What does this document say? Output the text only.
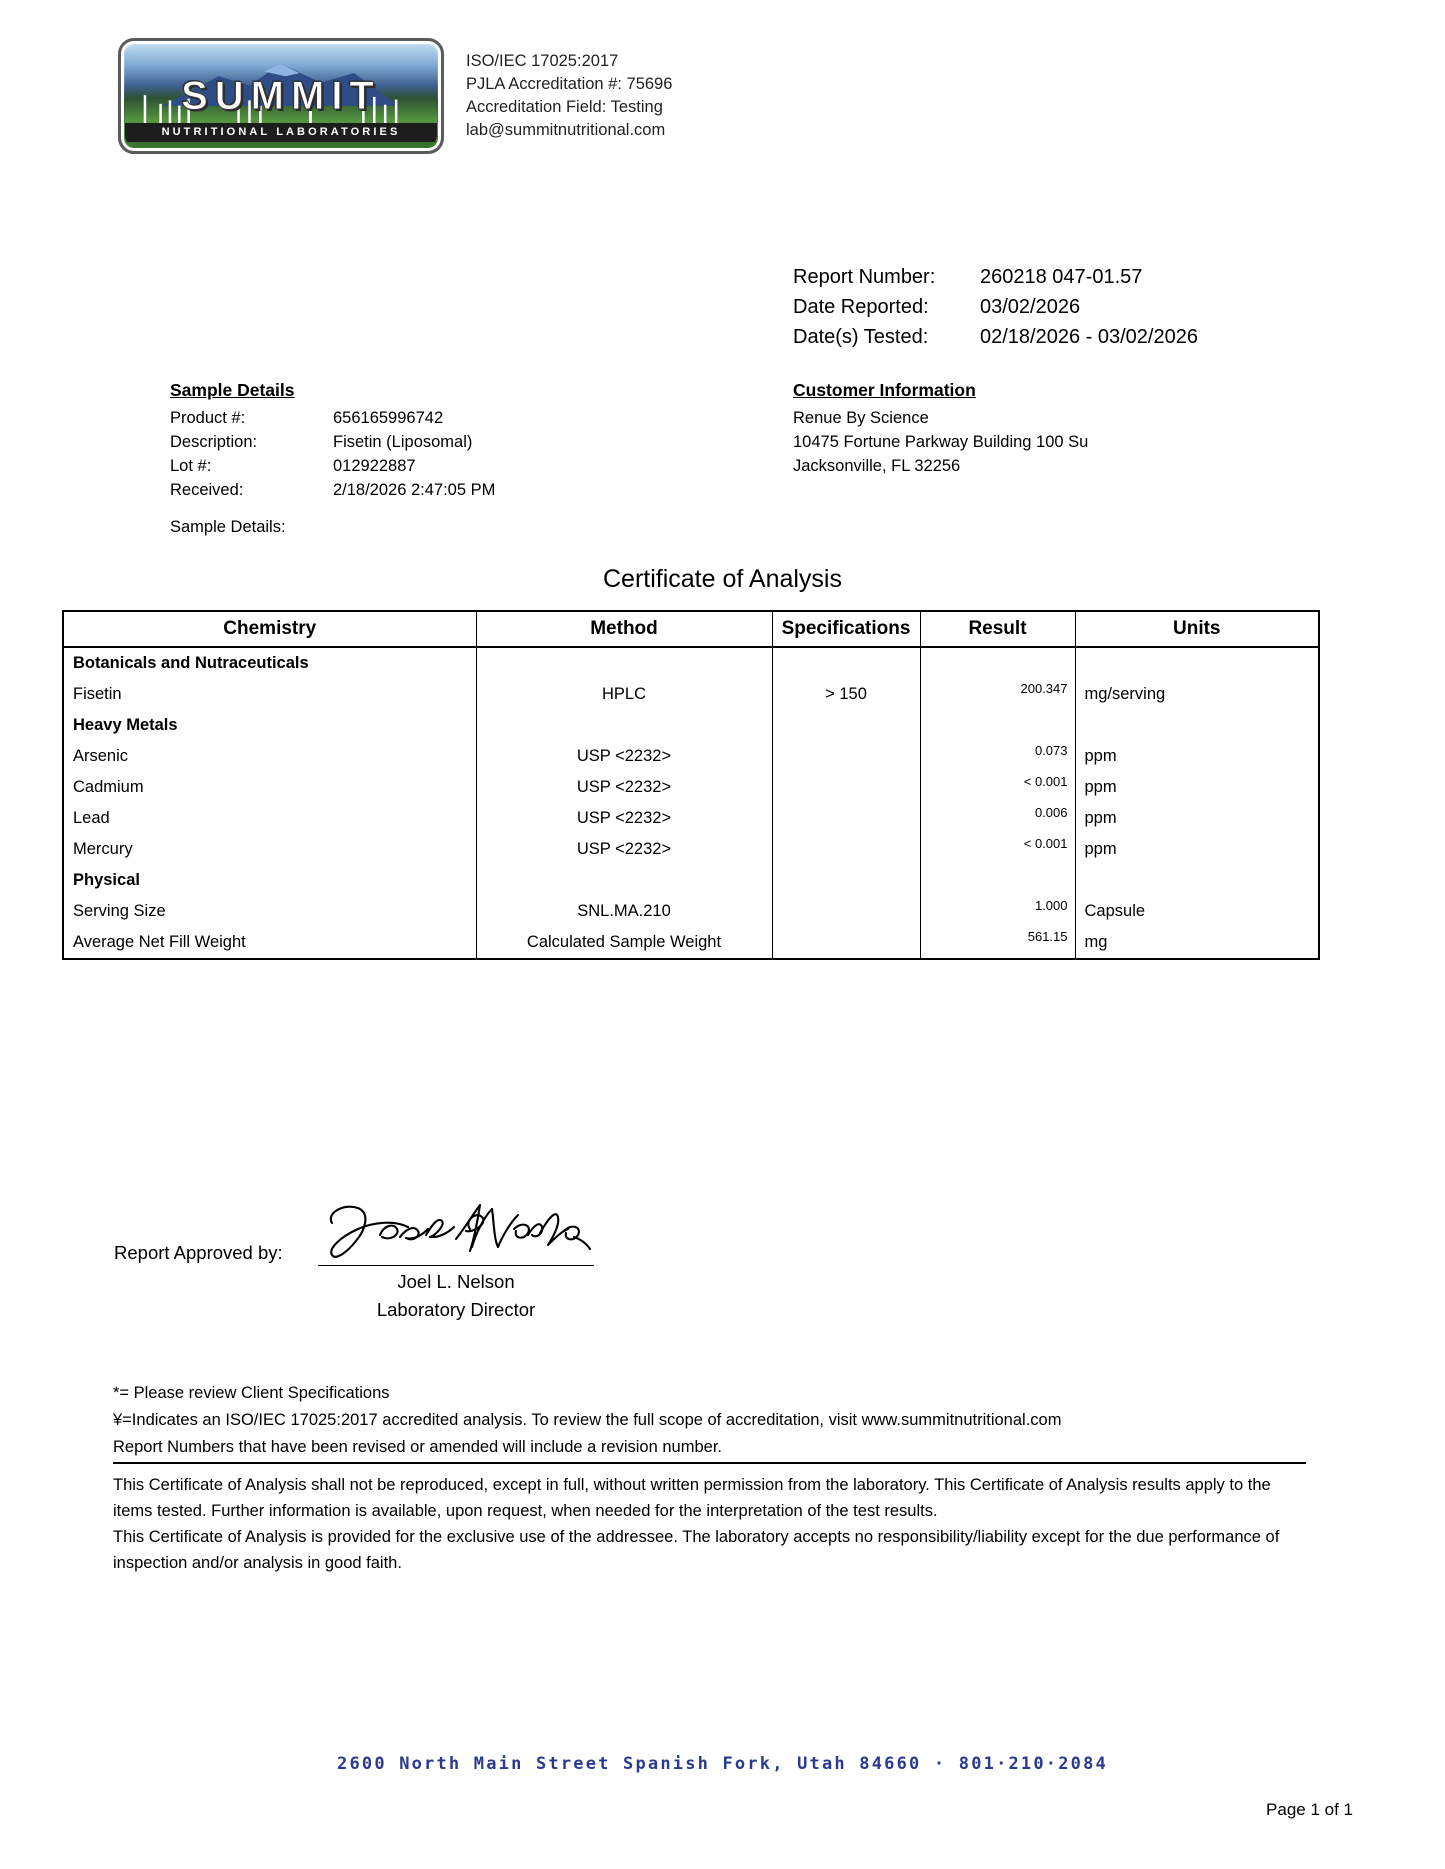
SUMMIT
NUTRITIONAL LABORATORIES
ISO/IEC 17025:2017
PJLA Accreditation #: 75696
Accreditation Field: Testing
lab@summitnutritional.com
Report Number:	260218 047-01.57
Date Reported:	03/02/2026
Date(s) Tested:	02/18/2026 - 03/02/2026
Sample Details
Product #:	656165996742
Description:	Fisetin (Liposomal)
Lot #:	012922887
Received:	2/18/2026 2:47:05 PM
Sample Details:
Customer Information
Renue By Science
10475 Fortune Parkway Building 100 Su
Jacksonville, FL 32256
Certificate of Analysis
Chemistry	Method	Specifications	Result	Units
Botanicals and Nutraceuticals				
Fisetin	HPLC	> 150	200.347	mg/serving
Heavy Metals				
Arsenic	USP <2232>		0.073	ppm
Cadmium	USP <2232>		< 0.001	ppm
Lead	USP <2232>		0.006	ppm
Mercury	USP <2232>		< 0.001	ppm
Physical				
Serving Size	SNL.MA.210		1.000	Capsule
Average Net Fill Weight	Calculated Sample Weight		561.15	mg
Report Approved by:
Joel L. Nelson
Laboratory Director
*= Please review Client Specifications
¥=Indicates an ISO/IEC 17025:2017 accredited analysis. To review the full scope of accreditation, visit www.summitnutritional.com
Report Numbers that have been revised or amended will include a revision number.
This Certificate of Analysis shall not be reproduced, except in full, without written permission from the laboratory. This Certificate of Analysis results apply to the items tested. Further information is available, upon request, when needed for the interpretation of the test results.
This Certificate of Analysis is provided for the exclusive use of the addressee. The laboratory accepts no responsibility/liability except for the due performance of inspection and/or analysis in good faith.
2600 North Main Street Spanish Fork, Utah 84660 · 801·210·2084
Page 1 of 1
